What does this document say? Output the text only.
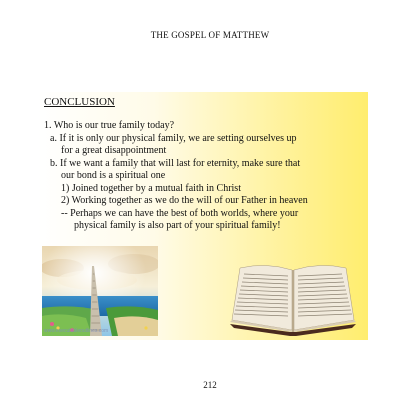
THE GOSPEL OF MATTHEW
CONCLUSION
1. Who is our true family today?
a. If it is only our physical family, we are setting ourselves up
for a great disappointment
b. If we want a family that will last for eternity, make sure that
our bond is a spiritual one
1) Joined together by a mutual faith in Christ
2) Working together as we do the will of our Father in heaven
-- Perhaps we can have the best of both worlds, where your
physical family is also part of your spiritual family!
www.executableoutlines.com
212
